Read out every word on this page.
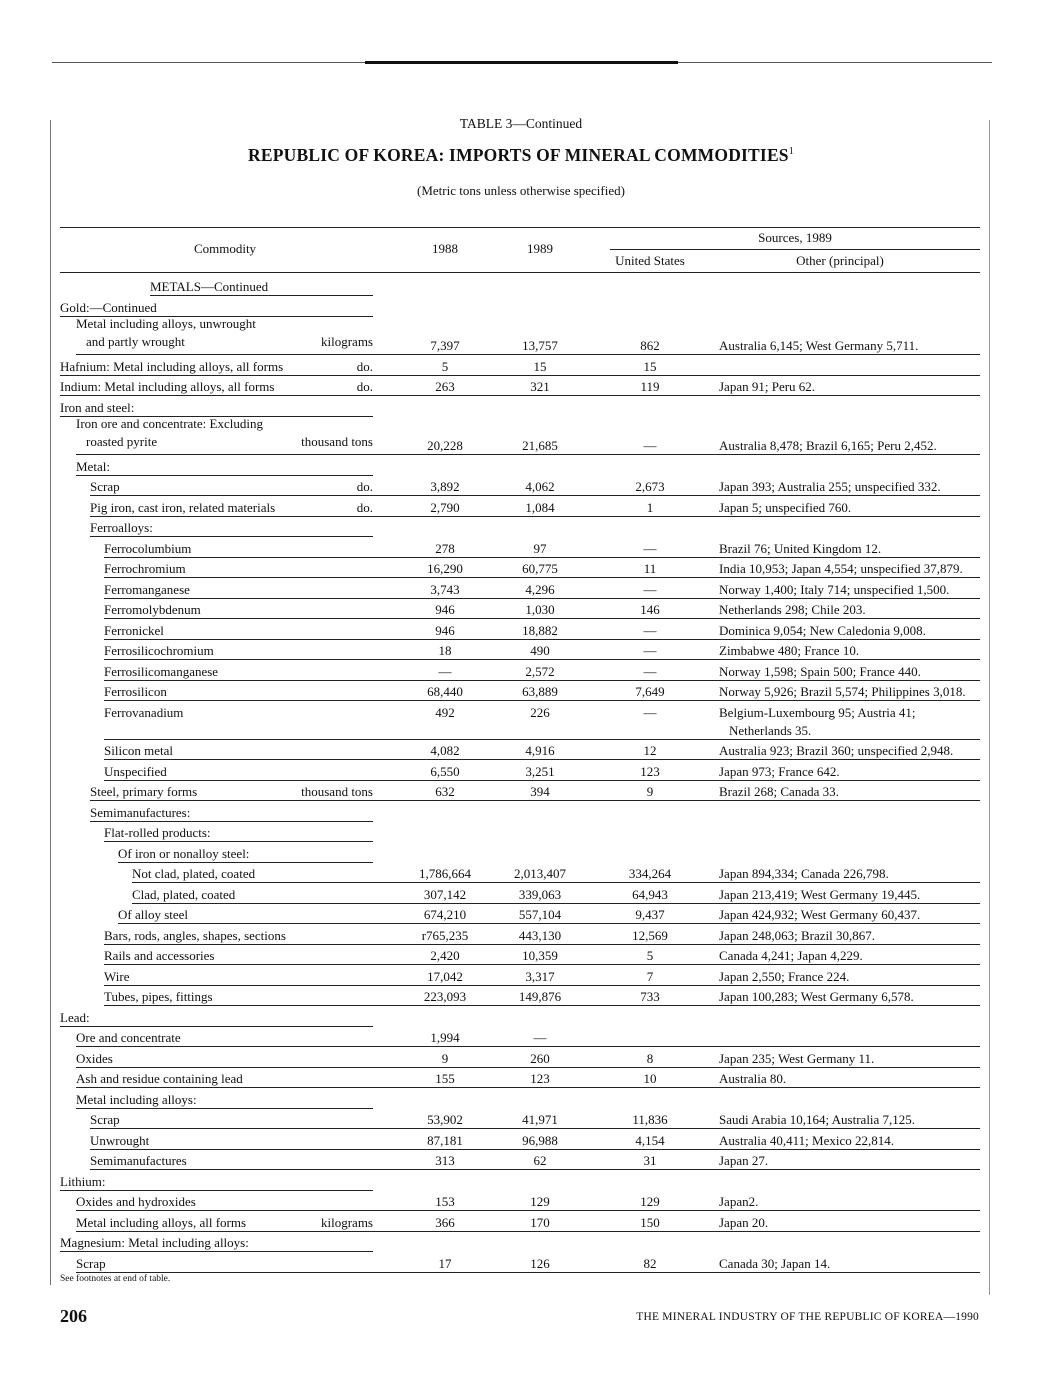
TABLE 3—Continued
REPUBLIC OF KOREA: IMPORTS OF MINERAL COMMODITIES$^1$
(Metric tons unless otherwise specified)
Commodity	1988	1989
Sources, 1989
United States	Other (principal)
METALS—Continued
Gold:—Continued
Metal including alloys, unwrought
and partly wrought	kilograms	7,397	13,757	862	Australia 6,145; West Germany 5,711.
Hafnium: Metal including alloys, all forms	do.	5	15	15
Indium: Metal including alloys, all forms	do.	263	321	119	Japan 91; Peru 62.
Iron and steel:
Iron ore and concentrate: Excluding
roasted pyrite	thousand tons	20,228	21,685	—	Australia 8,478; Brazil 6,165; Peru 2,452.
Metal:
Scrap	do.	3,892	4,062	2,673	Japan 393; Australia 255; unspecified 332.
Pig iron, cast iron, related materials	do.	2,790	1,084	1	Japan 5; unspecified 760.
Ferroalloys:
Ferrocolumbium	278	97	—	Brazil 76; United Kingdom 12.
Ferrochromium	16,290	60,775	11	India 10,953; Japan 4,554; unspecified 37,879.
Ferromanganese	3,743	4,296	—	Norway 1,400; Italy 714; unspecified 1,500.
Ferromolybdenum	946	1,030	146	Netherlands 298; Chile 203.
Ferronickel	946	18,882	—	Dominica 9,054; New Caledonia 9,008.
Ferrosilicochromium	18	490	—	Zimbabwe 480; France 10.
Ferrosilicomanganese	—	2,572	—	Norway 1,598; Spain 500; France 440.
Ferrosilicon	68,440	63,889	7,649	Norway 5,926; Brazil 5,574; Philippines 3,018.
Ferrovanadium	492	226	—	Belgium-Luxembourg 95; Austria 41;
Netherlands 35.
Silicon metal	4,082	4,916	12	Australia 923; Brazil 360; unspecified 2,948.
Unspecified	6,550	3,251	123	Japan 973; France 642.
Steel, primary forms	thousand tons	632	394	9	Brazil 268; Canada 33.
Semimanufactures:
Flat-rolled products:
Of iron or nonalloy steel:
Not clad, plated, coated	1,786,664	2,013,407	334,264	Japan 894,334; Canada 226,798.
Clad, plated, coated	307,142	339,063	64,943	Japan 213,419; West Germany 19,445.
Of alloy steel	674,210	557,104	9,437	Japan 424,932; West Germany 60,437.
Bars, rods, angles, shapes, sections	r765,235	443,130	12,569	Japan 248,063; Brazil 30,867.
Rails and accessories	2,420	10,359	5	Canada 4,241; Japan 4,229.
Wire	17,042	3,317	7	Japan 2,550; France 224.
Tubes, pipes, fittings	223,093	149,876	733	Japan 100,283; West Germany 6,578.
Lead:
Ore and concentrate	1,994	—
Oxides	9	260	8	Japan 235; West Germany 11.
Ash and residue containing lead	155	123	10	Australia 80.
Metal including alloys:
Scrap	53,902	41,971	11,836	Saudi Arabia 10,164; Australia 7,125.
Unwrought	87,181	96,988	4,154	Australia 40,411; Mexico 22,814.
Semimanufactures	313	62	31	Japan 27.
Lithium:
Oxides and hydroxides	153	129	129	Japan2.
Metal including alloys, all forms	kilograms	366	170	150	Japan 20.
Magnesium: Metal including alloys:
Scrap	17	126	82	Canada 30; Japan 14.
See footnotes at end of table.
206	THE MINERAL INDUSTRY OF THE REPUBLIC OF KOREA—1990
